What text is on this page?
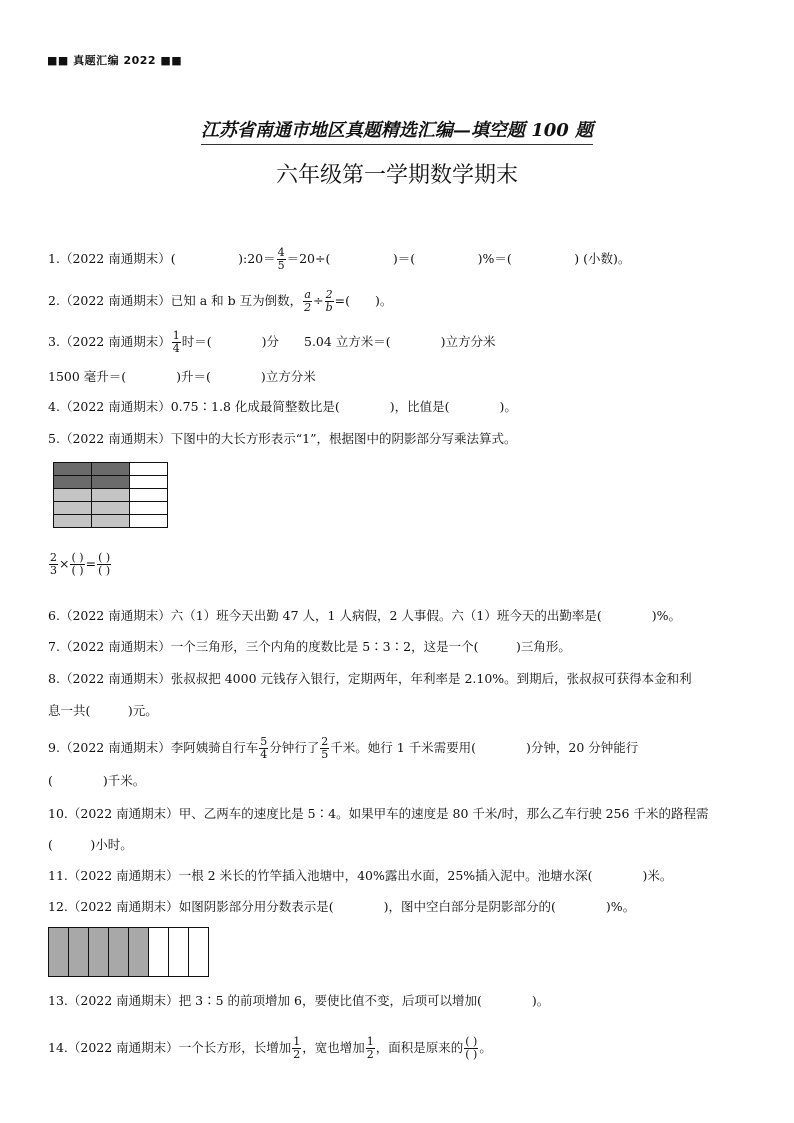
■■ 真题汇编 2022 ■■
江苏省南通市地区真题精选汇编—填空题 100 题
六年级第一学期数学期末
1.（2022 南通期末）(　　　　　):20＝ $\frac{4}{5} =20\div$(　　　　　)＝(　　　　　)%＝(　　　　　) (小数)。
2.（2022 南通期末）已知 a 和 b 互为倒数， $\frac{a}{2} \div \frac{2}{b}$ =(　　)。
3.（2022 南通期末） $\frac{1}{4}$ 时＝(　　　　)分　　5.04 立方米＝(　　　　)立方分米
1500 毫升＝(　　　　)升＝(　　　　)立方分米
4.（2022 南通期末）0.75∶1.8 化成最简整数比是(　　　　)，比值是(　　　　)。
5.（2022 南通期末）下图中的大长方形表示“1”，根据图中的阴影部分写乘法算式。

$\frac{2}{3} \times \frac{( )}{( )} = \frac{( )}{( )}$
6.（2022 南通期末）六（1）班今天出勤 47 人，1 人病假，2 人事假。六（1）班今天的出勤率是(　　　　)%。
7.（2022 南通期末）一个三角形，三个内角的度数比是 5∶3∶2，这是一个(　　　)三角形。
8.（2022 南通期末）张叔叔把 4000 元钱存入银行，定期两年，年利率是 2.10%。到期后，张叔叔可获得本金和利
息一共(　　　)元。
9.（2022 南通期末）李阿姨骑自行车 $\frac{5}{4}$ 分钟行了 $\frac{2}{5}$ 千米。她行 1 千米需要用(　　　　)分钟，20 分钟能行
(　　　　)千米。
10.（2022 南通期末）甲、乙两车的速度比是 5∶4。如果甲车的速度是 80 千米/时，那么乙车行驶 256 千米的路程需
(　　　)小时。
11.（2022 南通期末）一根 2 米长的竹竿插入池塘中，40%露出水面，25%插入泥中。池塘水深(　　　　)米。
12.（2022 南通期末）如图阴影部分用分数表示是(　　　　)，图中空白部分是阴影部分的(　　　　)%。
13.（2022 南通期末）把 3∶5 的前项增加 6，要使比值不变，后项可以增加(　　　　)。
14.（2022 南通期末）一个长方形，长增加 $\frac{1}{2}$ ，宽也增加 $\frac{1}{2}$ ，面积是原来的 $\frac{( )}{( )}$ 。
